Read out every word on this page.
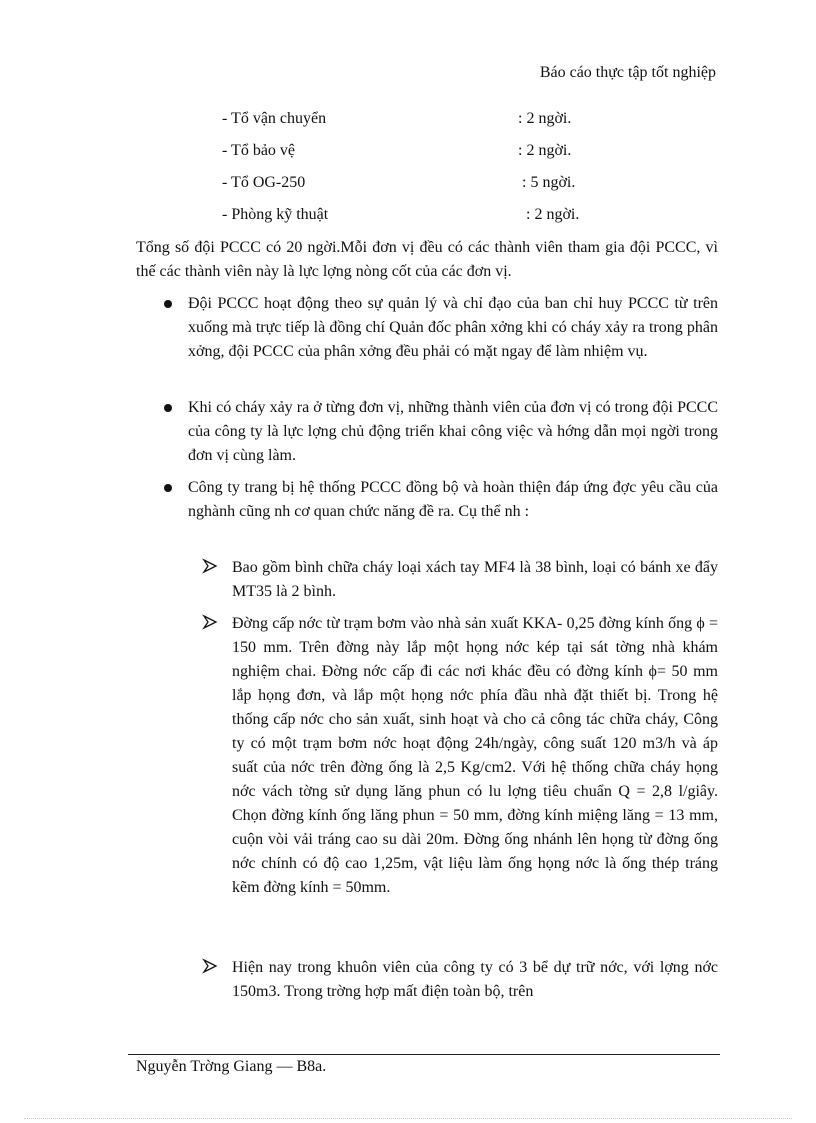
Báo cáo thực tập tốt nghiệp
- Tổ vận chuyển	: 2 ngời.
- Tổ bảo vệ	: 2 ngời.
- Tổ OG-250	: 5 ngời.
- Phòng kỹ thuật	: 2 ngời.
Tổng số đội PCCC có 20 ngời.Mỗi đơn vị đều có các thành viên tham gia đội PCCC, vì thế các thành viên này là lực lợng nòng cốt của các đơn vị.
Đội PCCC hoạt động theo sự quản lý và chỉ đạo của ban chỉ huy PCCC từ trên xuống mà trực tiếp là đồng chí Quản đốc phân xởng khi có cháy xảy ra trong phân xởng, đội PCCC của phân xởng đều phải có mặt ngay để làm nhiệm vụ.
Khi có cháy xảy ra ở từng đơn vị, những thành viên của đơn vị có trong đội PCCC của công ty là lực lợng chủ động triển khai công việc và hớng dẫn mọi ngời trong đơn vị cùng làm.
Công ty trang bị hệ thống PCCC đồng bộ và hoàn thiện đáp ứng đợc yêu cầu của nghành cũng nh cơ quan chức năng đề ra. Cụ thể nh :
Bao gồm bình chữa cháy loại xách tay MF4 là 38 bình, loại có bánh xe đẩy MT35 là 2 bình.
Đờng cấp nớc từ trạm bơm vào nhà sản xuất KKA- 0,25 đờng kính ống ϕ = 150 mm. Trên đờng này lắp một họng nớc kép tại sát tờng nhà khám nghiệm chai. Đờng nớc cấp đi các nơi khác đều có đờng kính ϕ= 50 mm lắp họng đơn, và lắp một họng nớc phía đầu nhà đặt thiết bị. Trong hệ thống cấp nớc cho sản xuất, sinh hoạt và cho cả công tác chữa cháy, Công ty có một trạm bơm nớc hoạt động 24h/ngày, công suất 120 m3/h và áp suất của nớc trên đờng ống là 2,5 Kg/cm2. Với hệ thống chữa cháy họng nớc vách tờng sử dụng lăng phun có lu lợng tiêu chuẩn Q = 2,8 l/giây. Chọn đờng kính ống lăng phun = 50 mm, đờng kính miệng lăng = 13 mm, cuộn vòi vải tráng cao su dài 20m. Đờng ống nhánh lên họng từ đờng ống nớc chính có độ cao 1,25m, vật liệu làm ống họng nớc là ống thép tráng kẽm đờng kính = 50mm.
Hiện nay trong khuôn viên của công ty có 3 bể dự trữ nớc, với lợng nớc 150m3. Trong trờng hợp mất điện toàn bộ, trên
Nguyễn Trờng Giang — B8a.
